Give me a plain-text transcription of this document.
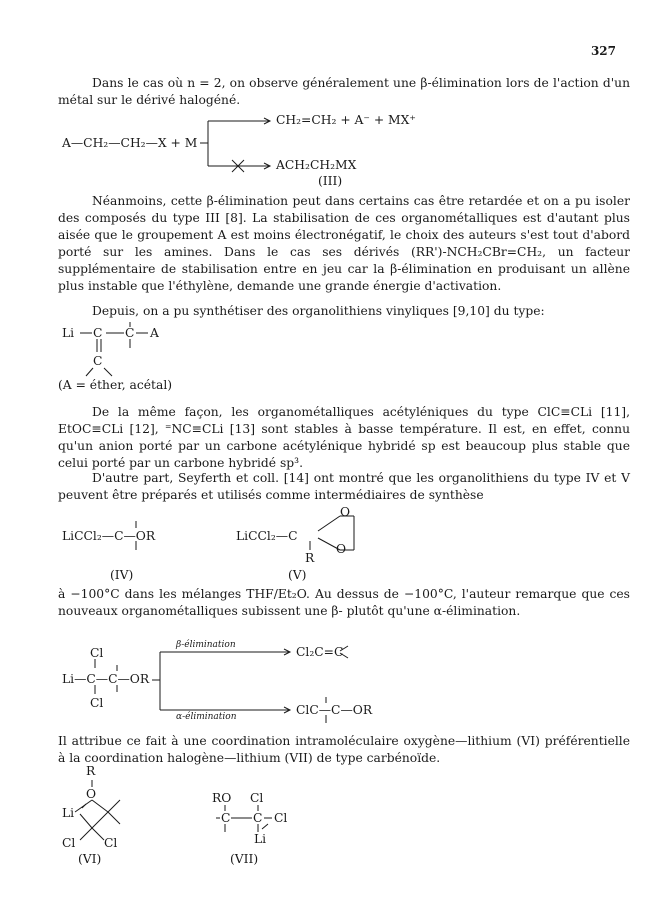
327

Dans le cas où n = 2, on observe généralement une β-élimination lors de l'action d'un métal sur le dérivé halogéné.

A—CH₂—CH₂—X + M
CH₂=CH₂ + A⁻ + MX⁺
ACH₂CH₂MX
(III)

Néanmoins, cette β-élimination peut dans certains cas être retardée et on a pu isoler des composés du type III [8]. La stabilisation de ces organométalliques est d'autant plus aisée que le groupement A est moins électronégatif, le choix des auteurs s'est tout d'abord porté sur les amines. Dans le cas ses dérivés (RR')-NCH₂CBr=CH₂, un facteur supplémentaire de stabilisation entre en jeu car la β-élimination en produisant un allène plus instable que l'éthylène, demande une grande énergie d'activation.

Depuis, on a pu synthétiser des organolithiens vinyliques [9,10] du type:

Li C C A
C
(A = éther, acétal)

De la même façon, les organométalliques acétyléniques du type ClC≡CLi [11], EtOC≡CLi [12], ⁼NC≡CLi [13] sont stables à basse température. Il est, en effet, connu qu'un anion porté par un carbone acétylénique hybridé sp est beaucoup plus stable que celui porté par un carbone hybridé sp³.

D'autre part, Seyferth et coll. [14] ont montré que les organolithiens du type IV et V peuvent être préparés et utilisés comme intermédiaires de synthèse

LiCCl₂—C—OR
(IV)
LiCCl₂—C
O
O
R
(V)

à −100°C dans les mélanges THF/Et₂O. Au dessus de −100°C, l'auteur remarque que ces nouveaux organométalliques subissent une β- plutôt qu'une α-élimination.

Cl
Li—C—C—OR
Cl
β-élimination	Cl₂C=C
ClC—C—OR
α-élimination

Il attribue ce fait à une coordination intramoléculaire oxygène—lithium (VI) préférentielle à la coordination halogène—lithium (VII) de type carbénoïde.

R
O
Li
Cl Cl
(VI)
RO Cl
C C Cl
Li
(VII)
